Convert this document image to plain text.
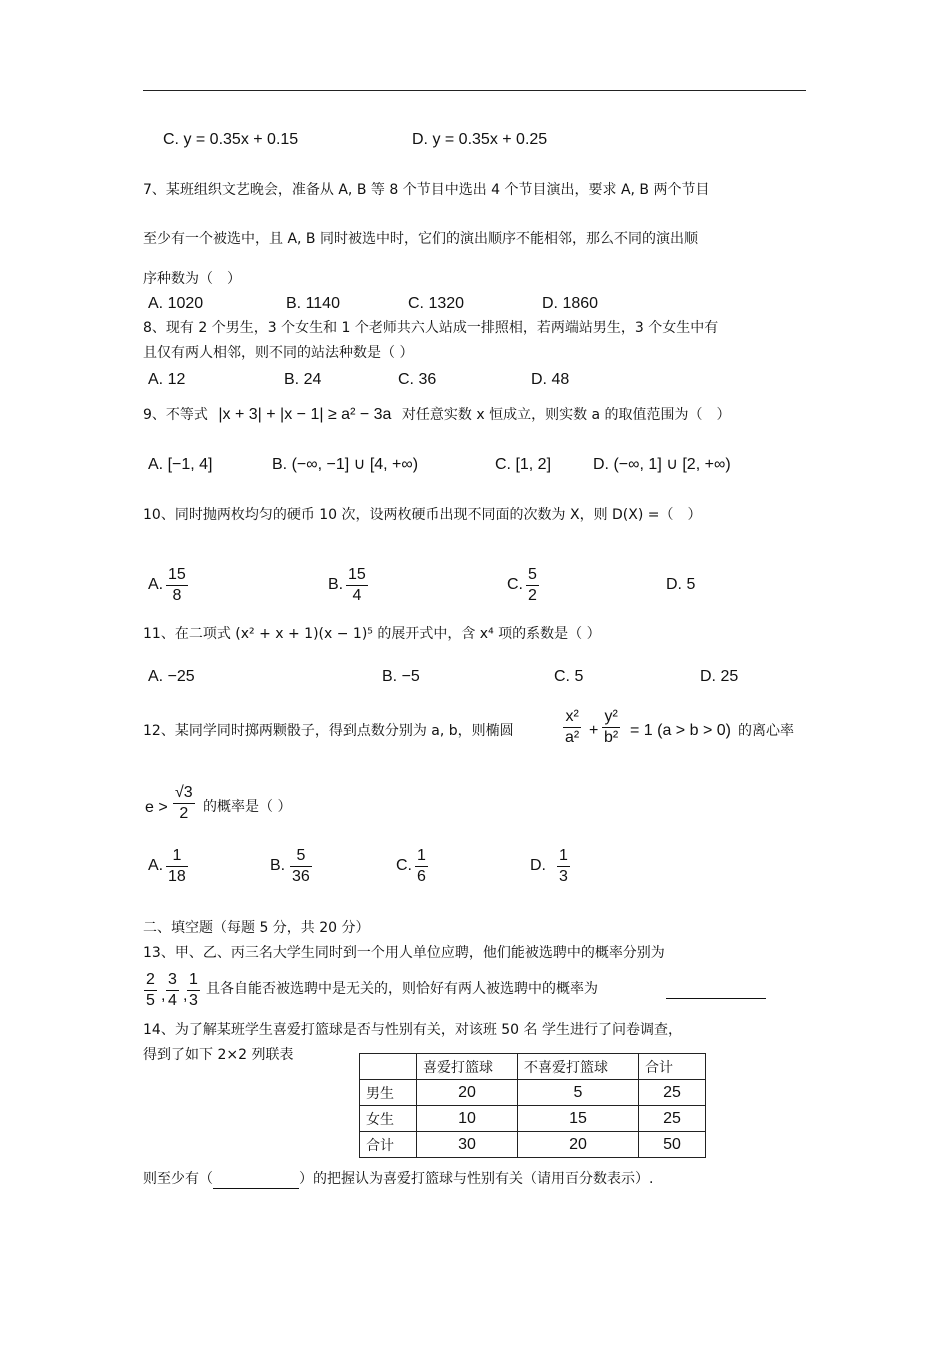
C. y = 0.35x + 0.15	D. y = 0.35x + 0.25
7、某班组织文艺晚会，准备从 A, B 等 8 个节目中选出 4 个节目演出，要求 A, B 两个节目
至少有一个被选中，且 A, B 同时被选中时，它们的演出顺序不能相邻，那么不同的演出顺
序种数为（　）
A. 1020	B. 1140	C. 1320	D. 1860
8、现有 2 个男生，3 个女生和 1 个老师共六人站成一排照相，若两端站男生，3 个女生中有
且仅有两人相邻，则不同的站法种数是（ ）
A. 12	B. 24	C. 36	D. 48
9、不等式 |x + 3| + |x − 1| ≥ a² − 3a 对任意实数 x 恒成立，则实数 a 的取值范围为（　）
A. [−1, 4]	B. (−∞, −1] ∪ [4, +∞)	C. [1, 2]	D. (−∞, 1] ∪ [2, +∞)
10、同时抛两枚均匀的硬币 10 次，设两枚硬币出现不同面的次数为 X，则 D(X) =（　）
A. $\frac{15}{8}$	B. $\frac{15}{4}$	C. $\frac{5}{2}$	D. 5
11、在二项式 (x² + x + 1)(x − 1)⁵ 的展开式中，含 x⁴ 项的系数是（ ）
A. −25	B. −5	C. 5	D. 25
12、某同学同时掷两颗骰子，得到点数分别为 a, b，则椭圆	$\frac{\text{x²}}{\text{a²}} + \frac{\text{y²}}{\text{b²}} = 1$ (a > b > 0) 的离心率
$e > \frac{√3}{2}$ 的概率是（ ）
A. $\frac{1}{18}$	B. $\frac{5}{36}$	C. $\frac{1}{6}$	D. $\frac{1}{3}$
二、填空题（每题 5 分，共 20 分）
13、甲、乙、丙三名大学生同时到一个用人单位应聘，他们能被选聘中的概率分别为
$\frac{2}{5}$ , $\frac{3}{4}$ , $\frac{1}{3}$ 且各自能否被选聘中是无关的，则恰好有两人被选聘中的概率为
14、为了解某班学生喜爱打篮球是否与性别有关，对该班 50 名 学生进行了问卷调查，
得到了如下 2×2 列联表
	喜爱打篮球	不喜爱打篮球	合计
男生	20	5	25
女生	10	15	25
合计	30	20	50
则至少有（	）的把握认为喜爱打篮球与性别有关（请用百分数表示）.
